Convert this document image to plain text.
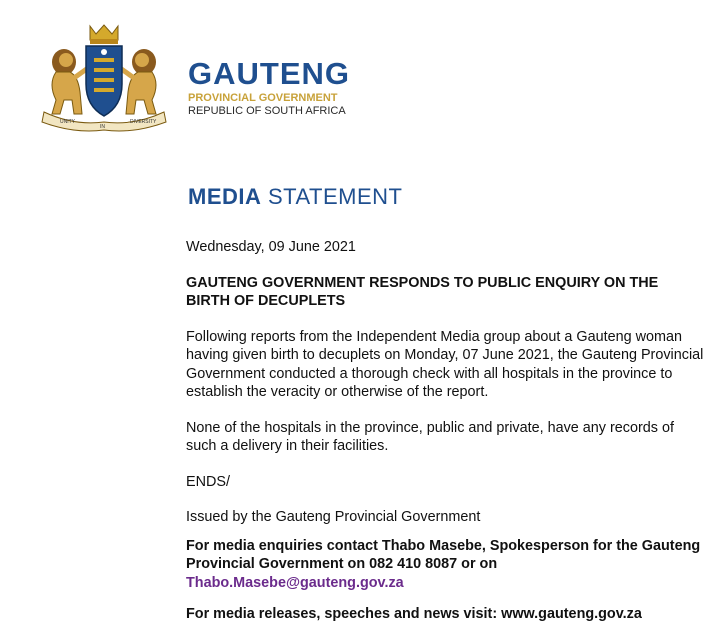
UNITY
IN
DIVERSITY
GAUTENG
PROVINCIAL GOVERNMENT
REPUBLIC OF SOUTH AFRICA
MEDIA STATEMENT

Wednesday, 09 June 2021

GAUTENG GOVERNMENT RESPONDS TO PUBLIC ENQUIRY ON THE BIRTH OF DECUPLETS

Following reports from the Independent Media group about a Gauteng woman having given birth to decuplets on Monday, 07 June 2021, the Gauteng Provincial Government conducted a thorough check with all hospitals in the province to establish the veracity or otherwise of the report.

None of the hospitals in the province, public and private, have any records of such a delivery in their facilities.

ENDS/

Issued by the Gauteng Provincial Government

For media enquiries contact Thabo Masebe, Spokesperson for the Gauteng Provincial Government on 082 410 8087 or on
Thabo.Masebe@gauteng.gov.za

For media releases, speeches and news visit: www.gauteng.gov.za
